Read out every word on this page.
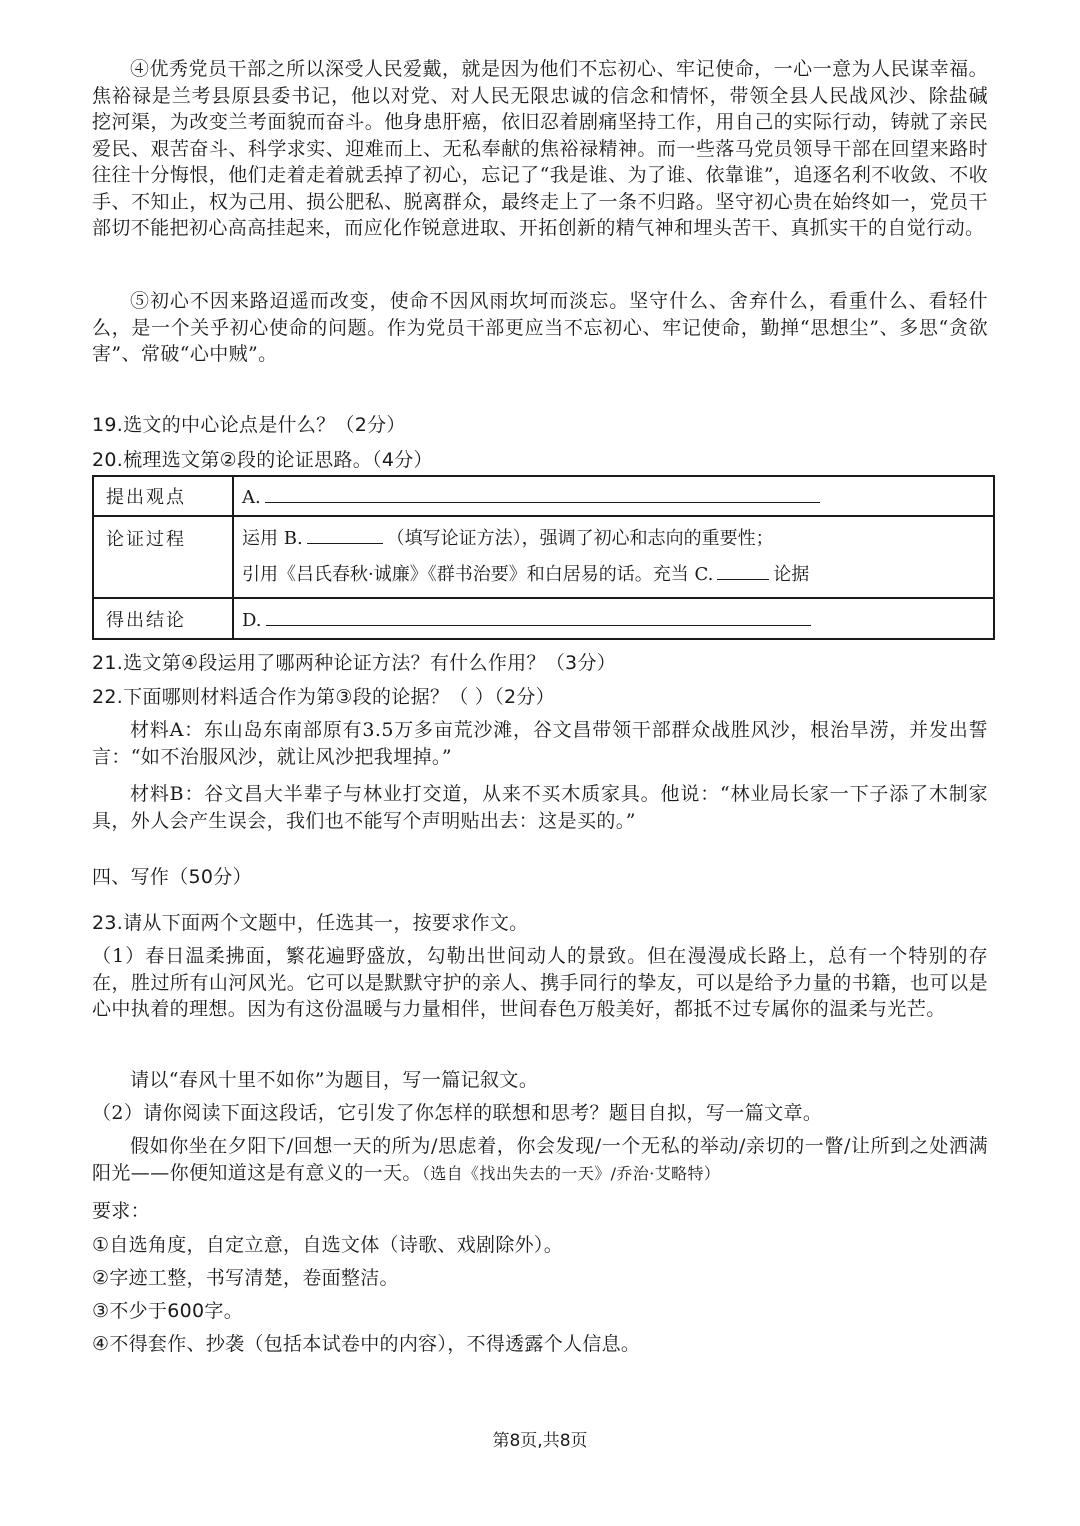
④优秀党员干部之所以深受人民爱戴，就是因为他们不忘初心、牢记使命，一心一意为人民谋幸福。焦裕禄是兰考县原县委书记，他以对党、对人民无限忠诚的信念和情怀，带领全县人民战风沙、除盐碱 挖河渠，为改变兰考面貌而奋斗。他身患肝癌，依旧忍着剧痛坚持工作，用自己的实际行动，铸就了亲民爱民、艰苦奋斗、科学求实、迎难而上、无私奉献的焦裕禄精神。而一些落马党员领导干部在回望来路时往往十分悔恨，他们走着走着就丢掉了初心，忘记了“我是谁、为了谁、依靠谁”，追逐名利不收敛、不收手、不知止，权为己用、损公肥私、脱离群众，最终走上了一条不归路。坚守初心贵在始终如一，党员干部切不能把初心高高挂起来，而应化作锐意进取、开拓创新的精气神和埋头苦干、真抓实干的自觉行动。
⑤初心不因来路迢遥而改变，使命不因风雨坎坷而淡忘。坚守什么、舍弃什么，看重什么、看轻什么，是一个关乎初心使命的问题。作为党员干部更应当不忘初心、牢记使命，勤掸“思想尘”、多思“贪欲害”、常破“心中贼”。
19.选文的中心论点是什么？（2分）
20.梳理选文第②段的论证思路。（4分）
提出观点	A.
论证过程	运用 B. （填写论证方法），强调了初心和志向的重要性；
引用《吕氏春秋·诚廉》《群书治要》和白居易的话。充当 C. 论据

得出结论	D.
21.选文第④段运用了哪两种论证方法？有什么作用？（3分）
22.下面哪则材料适合作为第③段的论据？（ ）（2分）
材料A：东山岛东南部原有3.5万多亩荒沙滩，谷文昌带领干部群众战胜风沙，根治旱涝，并发出誓言：“如不治服风沙，就让风沙把我埋掉。”
材料B：谷文昌大半辈子与林业打交道，从来不买木质家具。他说：“林业局长家一下子添了木制家具，外人会产生误会，我们也不能写个声明贴出去：这是买的。”
四、写作（50分）
23.请从下面两个文题中，任选其一，按要求作文。
（1）春日温柔拂面，繁花遍野盛放，勾勒出世间动人的景致。但在漫漫成长路上，总有一个特别的存在，胜过所有山河风光。它可以是默默守护的亲人、携手同行的挚友，可以是给予力量的书籍，也可以是心中执着的理想。因为有这份温暖与力量相伴，世间春色万般美好，都抵不过专属你的温柔与光芒。
请以“春风十里不如你”为题目，写一篇记叙文。
（2）请你阅读下面这段话，它引发了你怎样的联想和思考？题目自拟，写一篇文章。
假如你坐在夕阳下/回想一天的所为/思虑着，你会发现/一个无私的举动/亲切的一瞥/让所到之处洒满阳光——你便知道这是有意义的一天。（选自《找出失去的一天》/乔治·艾略特）
要求：
①自选角度，自定立意，自选文体（诗歌、戏剧除外）。
②字迹工整，书写清楚，卷面整洁。
③不少于600字。
④不得套作、抄袭（包括本试卷中的内容），不得透露个人信息。
第8页,共8页
